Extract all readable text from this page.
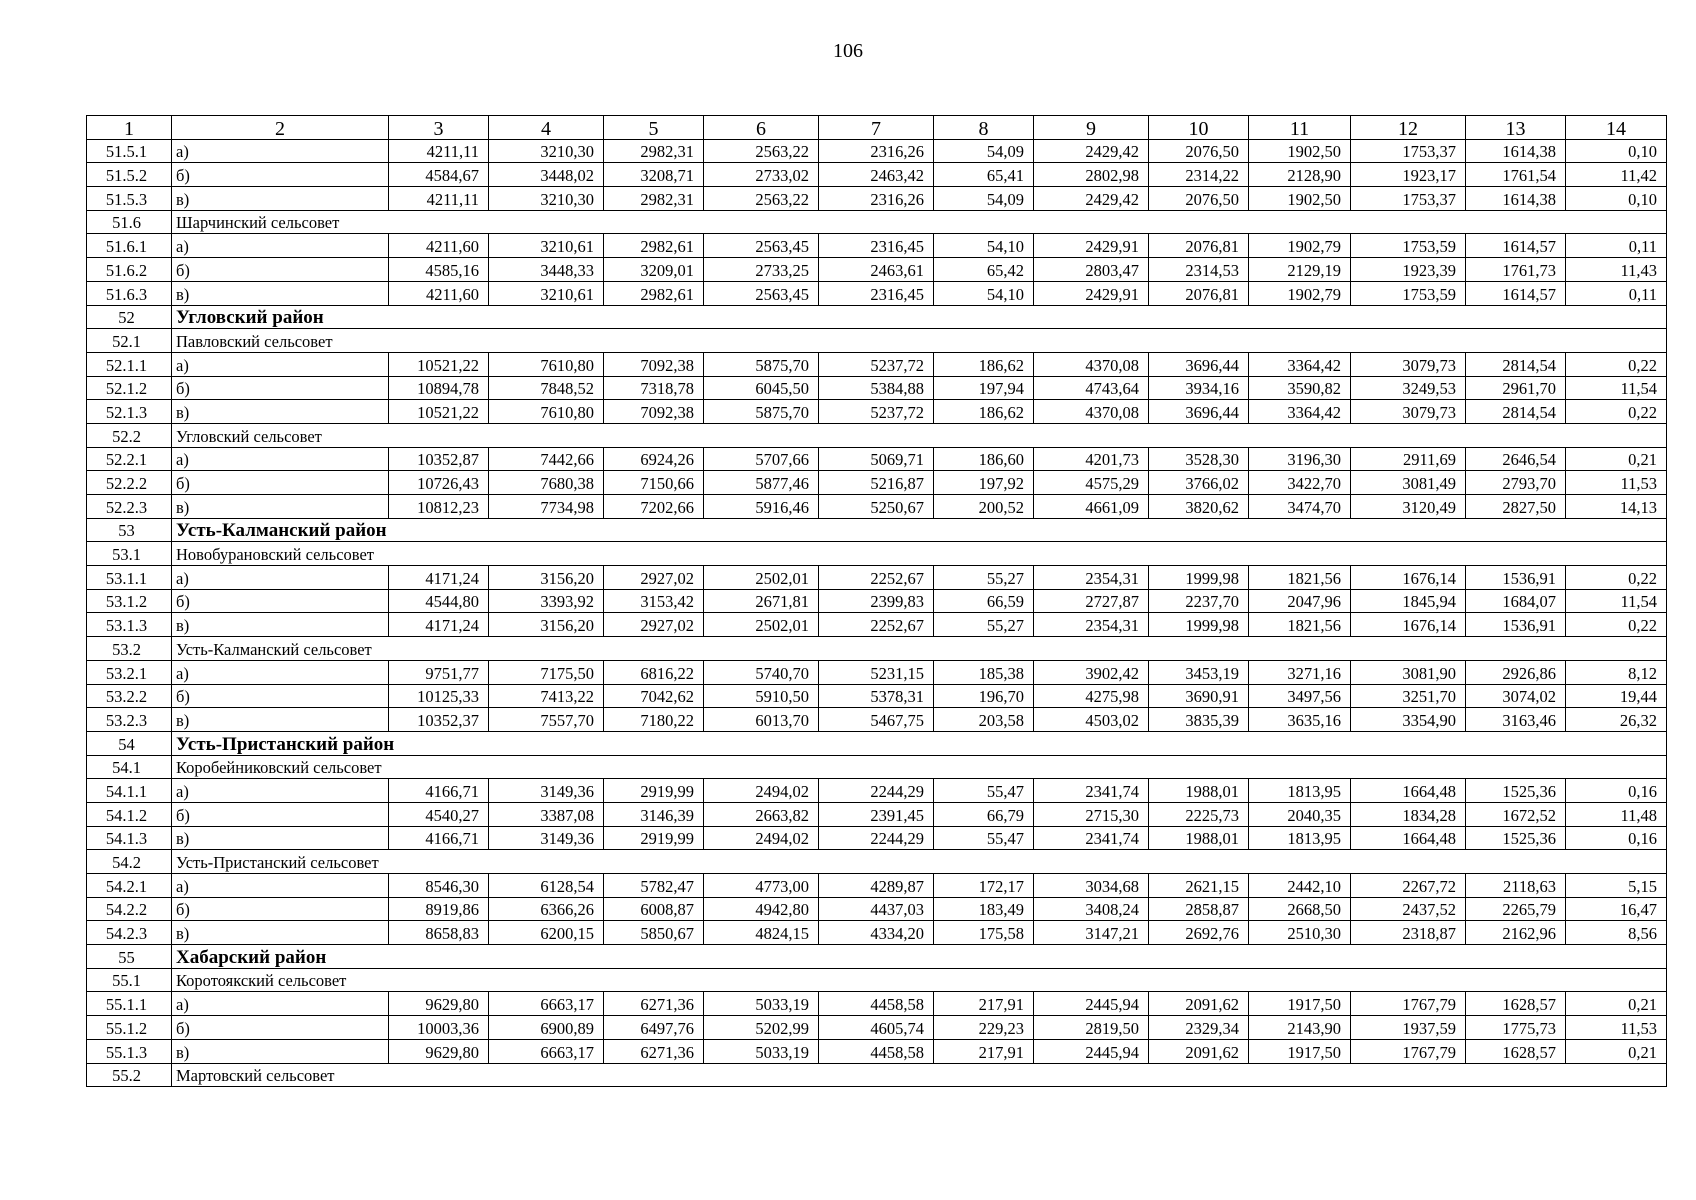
106
1	2	3	4	5	6	7	8	9	10	11	12	13	14
51.5.1	а)	4211,11	3210,30	2982,31	2563,22	2316,26	54,09	2429,42	2076,50	1902,50	1753,37	1614,38	0,10
51.5.2	б)	4584,67	3448,02	3208,71	2733,02	2463,42	65,41	2802,98	2314,22	2128,90	1923,17	1761,54	11,42
51.5.3	в)	4211,11	3210,30	2982,31	2563,22	2316,26	54,09	2429,42	2076,50	1902,50	1753,37	1614,38	0,10
51.6	Шарчинский сельсовет												
51.6.1	а)	4211,60	3210,61	2982,61	2563,45	2316,45	54,10	2429,91	2076,81	1902,79	1753,59	1614,57	0,11
51.6.2	б)	4585,16	3448,33	3209,01	2733,25	2463,61	65,42	2803,47	2314,53	2129,19	1923,39	1761,73	11,43
51.6.3	в)	4211,60	3210,61	2982,61	2563,45	2316,45	54,10	2429,91	2076,81	1902,79	1753,59	1614,57	0,11
52	Угловский район												
52.1	Павловский сельсовет												
52.1.1	а)	10521,22	7610,80	7092,38	5875,70	5237,72	186,62	4370,08	3696,44	3364,42	3079,73	2814,54	0,22
52.1.2	б)	10894,78	7848,52	7318,78	6045,50	5384,88	197,94	4743,64	3934,16	3590,82	3249,53	2961,70	11,54
52.1.3	в)	10521,22	7610,80	7092,38	5875,70	5237,72	186,62	4370,08	3696,44	3364,42	3079,73	2814,54	0,22
52.2	Угловский сельсовет												
52.2.1	а)	10352,87	7442,66	6924,26	5707,66	5069,71	186,60	4201,73	3528,30	3196,30	2911,69	2646,54	0,21
52.2.2	б)	10726,43	7680,38	7150,66	5877,46	5216,87	197,92	4575,29	3766,02	3422,70	3081,49	2793,70	11,53
52.2.3	в)	10812,23	7734,98	7202,66	5916,46	5250,67	200,52	4661,09	3820,62	3474,70	3120,49	2827,50	14,13
53	Усть-Калманский район												
53.1	Новобурановский сельсовет												
53.1.1	а)	4171,24	3156,20	2927,02	2502,01	2252,67	55,27	2354,31	1999,98	1821,56	1676,14	1536,91	0,22
53.1.2	б)	4544,80	3393,92	3153,42	2671,81	2399,83	66,59	2727,87	2237,70	2047,96	1845,94	1684,07	11,54
53.1.3	в)	4171,24	3156,20	2927,02	2502,01	2252,67	55,27	2354,31	1999,98	1821,56	1676,14	1536,91	0,22
53.2	Усть-Калманский сельсовет												
53.2.1	а)	9751,77	7175,50	6816,22	5740,70	5231,15	185,38	3902,42	3453,19	3271,16	3081,90	2926,86	8,12
53.2.2	б)	10125,33	7413,22	7042,62	5910,50	5378,31	196,70	4275,98	3690,91	3497,56	3251,70	3074,02	19,44
53.2.3	в)	10352,37	7557,70	7180,22	6013,70	5467,75	203,58	4503,02	3835,39	3635,16	3354,90	3163,46	26,32
54	Усть-Пристанский район												
54.1	Коробейниковский сельсовет												
54.1.1	а)	4166,71	3149,36	2919,99	2494,02	2244,29	55,47	2341,74	1988,01	1813,95	1664,48	1525,36	0,16
54.1.2	б)	4540,27	3387,08	3146,39	2663,82	2391,45	66,79	2715,30	2225,73	2040,35	1834,28	1672,52	11,48
54.1.3	в)	4166,71	3149,36	2919,99	2494,02	2244,29	55,47	2341,74	1988,01	1813,95	1664,48	1525,36	0,16
54.2	Усть-Пристанский сельсовет												
54.2.1	а)	8546,30	6128,54	5782,47	4773,00	4289,87	172,17	3034,68	2621,15	2442,10	2267,72	2118,63	5,15
54.2.2	б)	8919,86	6366,26	6008,87	4942,80	4437,03	183,49	3408,24	2858,87	2668,50	2437,52	2265,79	16,47
54.2.3	в)	8658,83	6200,15	5850,67	4824,15	4334,20	175,58	3147,21	2692,76	2510,30	2318,87	2162,96	8,56
55	Хабарский район												
55.1	Коротоякский сельсовет												
55.1.1	а)	9629,80	6663,17	6271,36	5033,19	4458,58	217,91	2445,94	2091,62	1917,50	1767,79	1628,57	0,21
55.1.2	б)	10003,36	6900,89	6497,76	5202,99	4605,74	229,23	2819,50	2329,34	2143,90	1937,59	1775,73	11,53
55.1.3	в)	9629,80	6663,17	6271,36	5033,19	4458,58	217,91	2445,94	2091,62	1917,50	1767,79	1628,57	0,21
55.2	Мартовский сельсовет												
